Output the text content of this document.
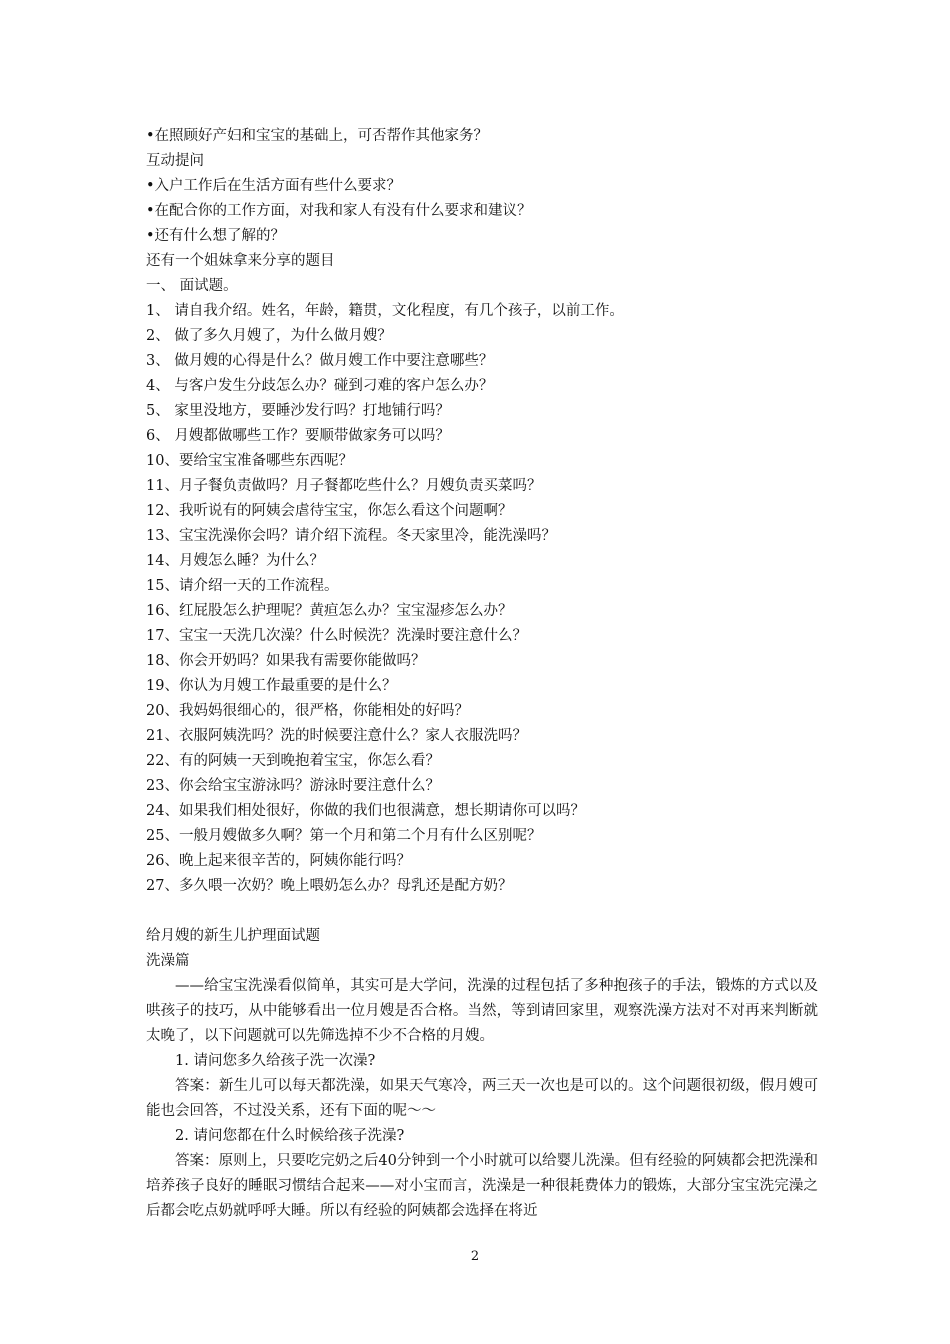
•在照顾好产妇和宝宝的基础上，可否帮作其他家务？
互动提问
•入户工作后在生活方面有些什么要求？
•在配合你的工作方面，对我和家人有没有什么要求和建议？
•还有什么想了解的？
还有一个姐妹拿来分享的题目
一、 面试题。
1、 请自我介绍。姓名，年龄，籍贯，文化程度，有几个孩子，以前工作。
2、 做了多久月嫂了，为什么做月嫂？
3、 做月嫂的心得是什么？做月嫂工作中要注意哪些？
4、 与客户发生分歧怎么办？碰到刁难的客户怎么办？
5、 家里没地方，要睡沙发行吗？打地铺行吗？
6、 月嫂都做哪些工作？要顺带做家务可以吗？
10、要给宝宝准备哪些东西呢？
11、月子餐负责做吗？月子餐都吃些什么？月嫂负责买菜吗？
12、我听说有的阿姨会虐待宝宝，你怎么看这个问题啊？
13、宝宝洗澡你会吗？请介绍下流程。冬天家里冷，能洗澡吗？
14、月嫂怎么睡？为什么？
15、请介绍一天的工作流程。
16、红屁股怎么护理呢？黄疸怎么办？宝宝湿疹怎么办？
17、宝宝一天洗几次澡？什么时候洗？洗澡时要注意什么？
18、你会开奶吗？如果我有需要你能做吗？
19、你认为月嫂工作最重要的是什么？
20、我妈妈很细心的，很严格，你能相处的好吗？
21、衣服阿姨洗吗？洗的时候要注意什么？家人衣服洗吗？
22、有的阿姨一天到晚抱着宝宝，你怎么看？
23、你会给宝宝游泳吗？游泳时要注意什么？
24、如果我们相处很好，你做的我们也很满意，想长期请你可以吗？
25、一般月嫂做多久啊？第一个月和第二个月有什么区别呢？
26、晚上起来很辛苦的，阿姨你能行吗？
27、多久喂一次奶？晚上喂奶怎么办？母乳还是配方奶？
给月嫂的新生儿护理面试题
洗澡篇
——给宝宝洗澡看似简单，其实可是大学问，洗澡的过程包括了多种抱孩子的手法，锻炼的方式以及哄孩子的技巧，从中能够看出一位月嫂是否合格。当然，等到请回家里，观察洗澡方法对不对再来判断就太晚了，以下问题就可以先筛选掉不少不合格的月嫂。
1. 请问您多久给孩子洗一次澡?
答案：新生儿可以每天都洗澡，如果天气寒冷，两三天一次也是可以的。这个问题很初级，假月嫂可能也会回答，不过没关系，还有下面的呢～～
2. 请问您都在什么时候给孩子洗澡?
答案：原则上，只要吃完奶之后40分钟到一个小时就可以给婴儿洗澡。但有经验的阿姨都会把洗澡和培养孩子良好的睡眠习惯结合起来——对小宝而言，洗澡是一种很耗费体力的锻炼，大部分宝宝洗完澡之后都会吃点奶就呼呼大睡。所以有经验的阿姨都会选择在将近
2
